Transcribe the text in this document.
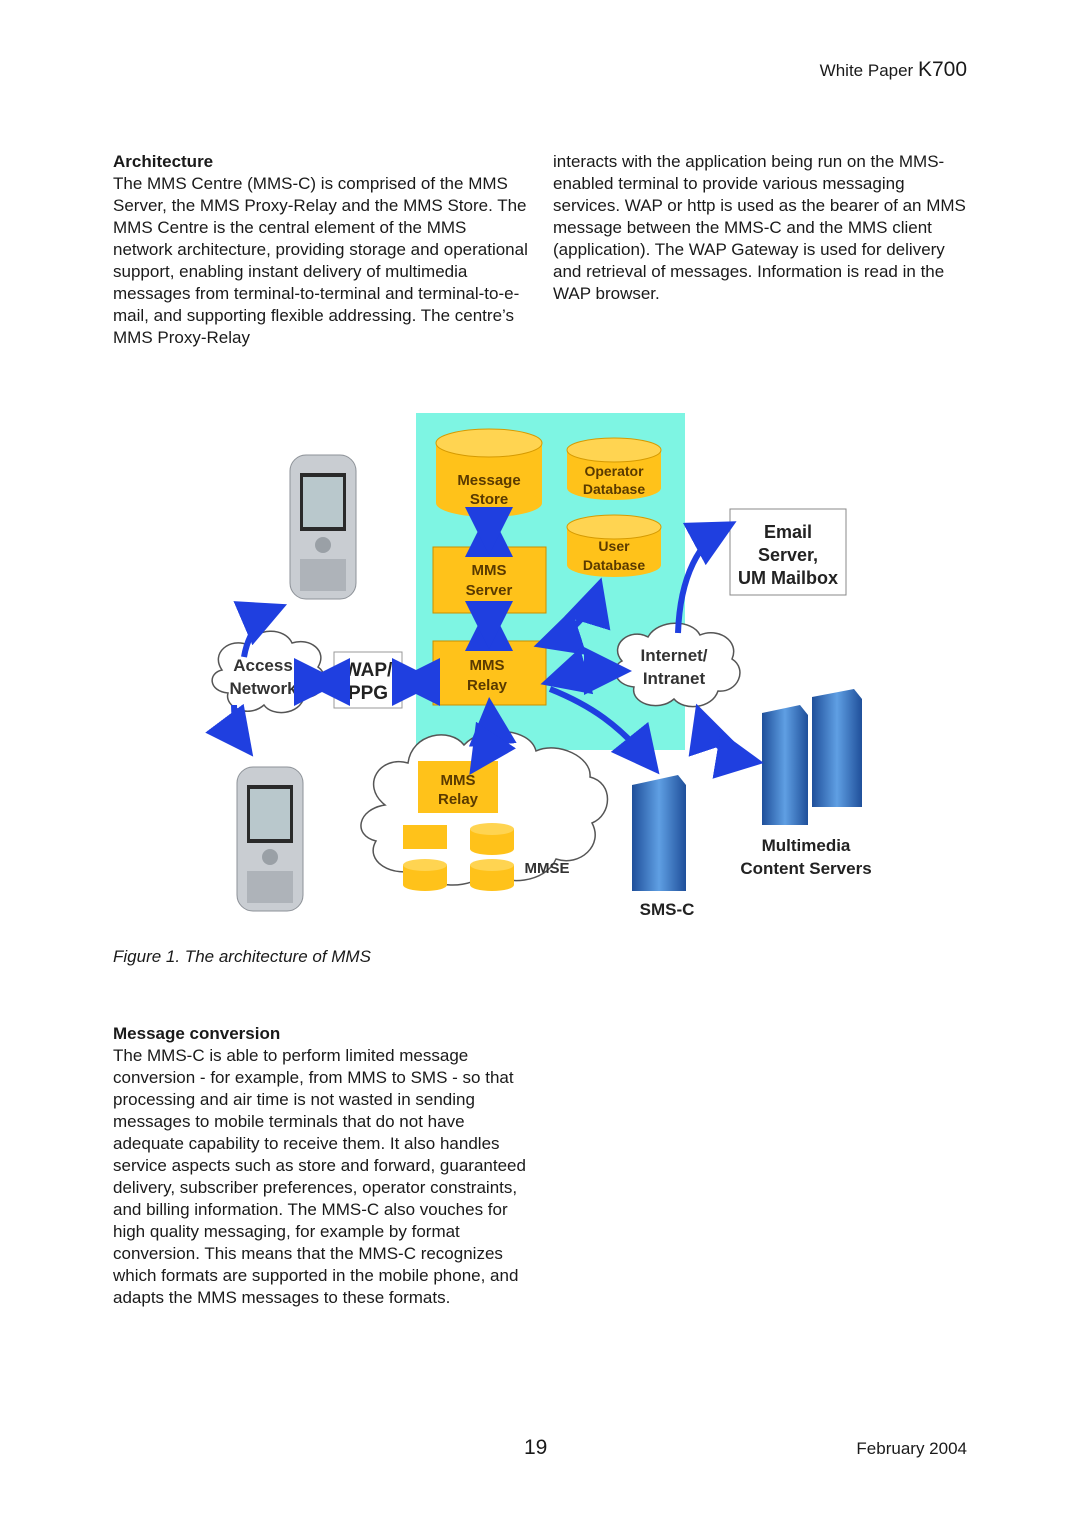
White Paper K700
Architecture

The MMS Centre (MMS-C) is comprised of the MMS Server, the MMS Proxy-Relay and the MMS Store. The MMS Centre is the central element of the MMS network architecture, providing storage and operational support, enabling instant delivery of multimedia messages from terminal-to-terminal and terminal-to-e-mail, and supporting flexible addressing. The centre’s MMS Proxy-Relay

interacts with the application being run on the MMS-enabled terminal to provide various messaging services. WAP or http is used as the bearer of an MMS message between the MMS-C and the MMS client (application). The WAP Gateway is used for delivery and retrieval of messages. Information is read in the WAP browser.

Message
Store
Operator
Database
User
Database
MMS
Server
MMS
Relay
WAP/
PPG
Access
Network
Internet/
Intranet
Email
Server,
UM Mailbox
MMS
Relay
MMSE
SMS-C
Multimedia
Content Servers
Figure 1. The architecture of MMS
Message conversion

The MMS-C is able to perform limited message conversion - for example, from MMS to SMS - so that processing and air time is not wasted in sending messages to mobile terminals that do not have adequate capability to receive them. It also handles service aspects such as store and forward, guaranteed delivery, subscriber preferences, operator constraints, and billing information. The MMS-C also vouches for high quality messaging, for example by format conversion. This means that the MMS-C recognizes which formats are supported in the mobile phone, and adapts the MMS messages to these formats.

19	February 2004
